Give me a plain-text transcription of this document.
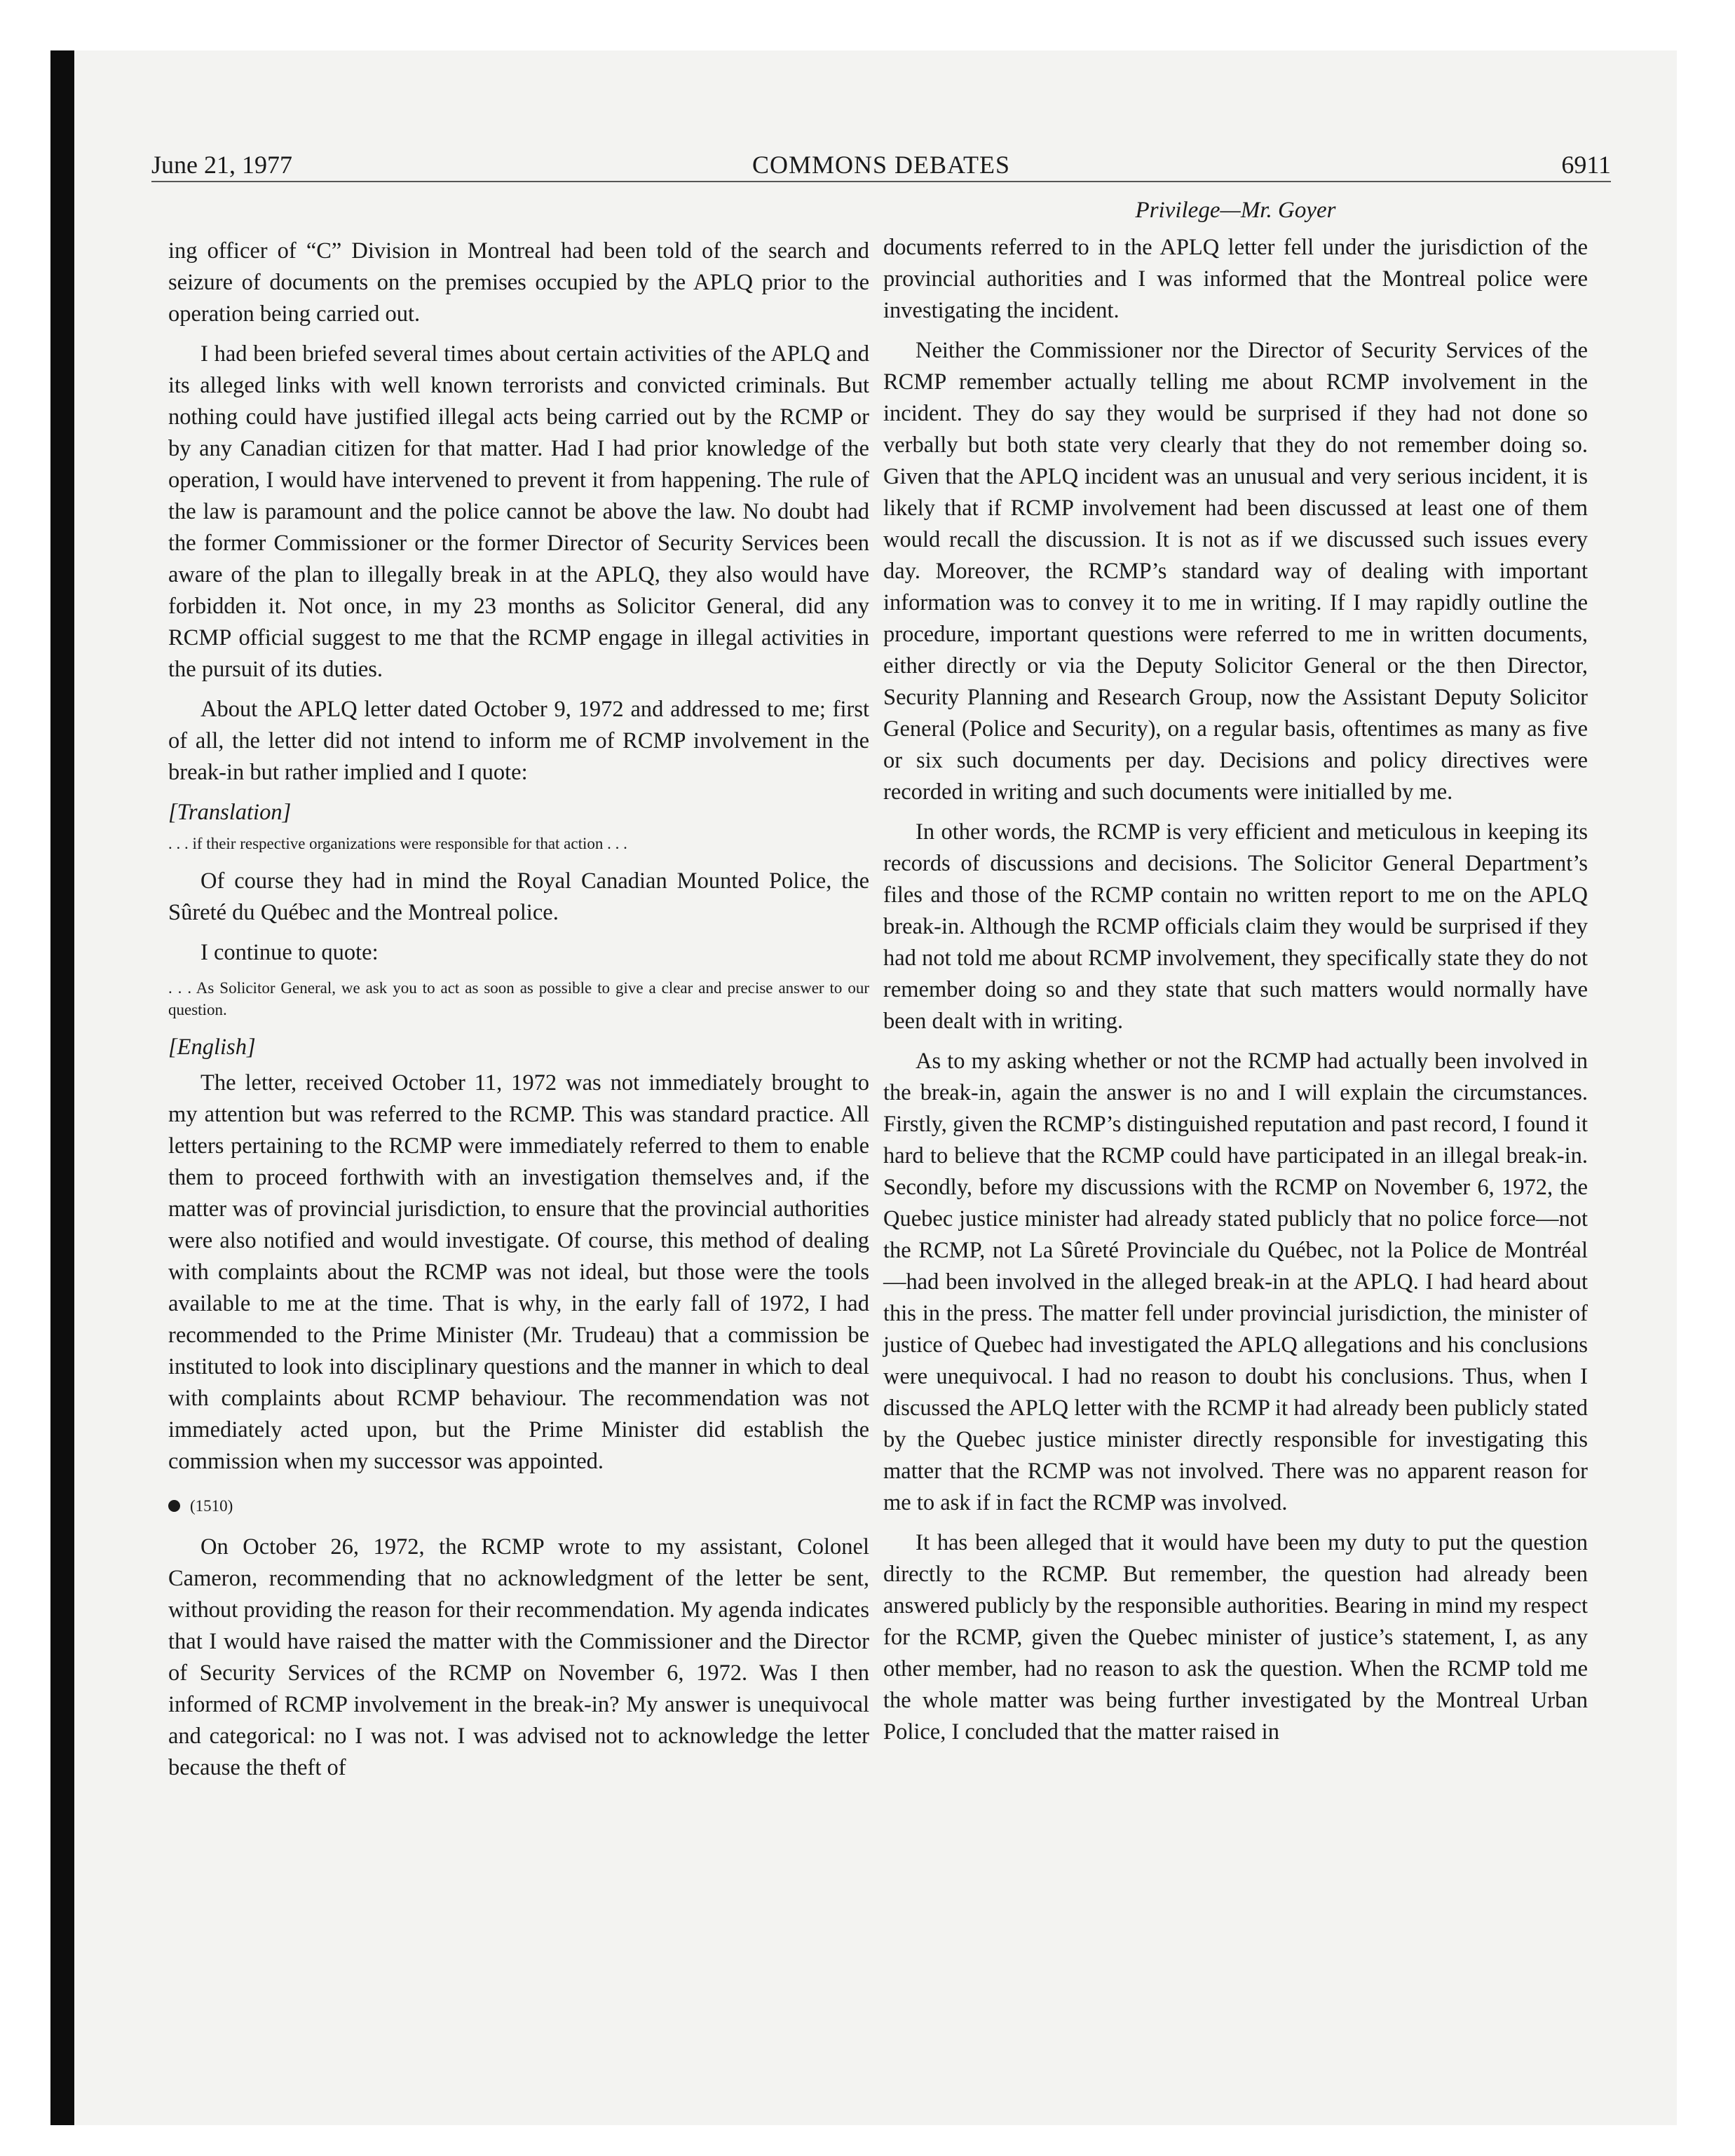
June 21, 1977	COMMONS DEBATES	6911

ing officer of “C” Division in Montreal had been told of the search and seizure of documents on the premises occupied by the APLQ prior to the operation being carried out.

I had been briefed several times about certain activities of the APLQ and its alleged links with well known terrorists and convicted criminals. But nothing could have justified illegal acts being carried out by the RCMP or by any Canadian citizen for that matter. Had I had prior knowledge of the operation, I would have intervened to prevent it from happening. The rule of the law is paramount and the police cannot be above the law. No doubt had the former Commissioner or the former Director of Security Services been aware of the plan to illegally break in at the APLQ, they also would have forbidden it. Not once, in my 23 months as Solicitor General, did any RCMP official suggest to me that the RCMP engage in illegal activities in the pursuit of its duties.

About the APLQ letter dated October 9, 1972 and addressed to me; first of all, the letter did not intend to inform me of RCMP involvement in the break-in but rather implied and I quote:

[Translation]

. . . if their respective organizations were responsible for that action . . .

Of course they had in mind the Royal Canadian Mounted Police, the Sûreté du Québec and the Montreal police.

I continue to quote:

. . . As Solicitor General, we ask you to act as soon as possible to give a clear and precise answer to our question.

[English]

The letter, received October 11, 1972 was not immediately brought to my attention but was referred to the RCMP. This was standard practice. All letters pertaining to the RCMP were immediately referred to them to enable them to proceed forthwith with an investigation themselves and, if the matter was of provincial jurisdiction, to ensure that the provincial authorities were also notified and would investigate. Of course, this method of dealing with complaints about the RCMP was not ideal, but those were the tools available to me at the time. That is why, in the early fall of 1972, I had recommended to the Prime Minister (Mr. Trudeau) that a commission be instituted to look into disciplinary questions and the manner in which to deal with complaints about RCMP behaviour. The recommendation was not immediately acted upon, but the Prime Minister did establish the commission when my successor was appointed.

(1510)

On October 26, 1972, the RCMP wrote to my assistant, Colonel Cameron, recommending that no acknowledgment of the letter be sent, without providing the reason for their recommendation. My agenda indicates that I would have raised the matter with the Commissioner and the Director of Security Services of the RCMP on November 6, 1972. Was I then informed of RCMP involvement in the break-in? My answer is unequivocal and categorical: no I was not. I was advised not to acknowledge the letter because the theft of

Privilege—Mr. Goyer

documents referred to in the APLQ letter fell under the jurisdiction of the provincial authorities and I was informed that the Montreal police were investigating the incident.

Neither the Commissioner nor the Director of Security Services of the RCMP remember actually telling me about RCMP involvement in the incident. They do say they would be surprised if they had not done so verbally but both state very clearly that they do not remember doing so. Given that the APLQ incident was an unusual and very serious incident, it is likely that if RCMP involvement had been discussed at least one of them would recall the discussion. It is not as if we discussed such issues every day. Moreover, the RCMP’s standard way of dealing with important information was to convey it to me in writing. If I may rapidly outline the procedure, important questions were referred to me in written documents, either directly or via the Deputy Solicitor General or the then Director, Security Planning and Research Group, now the Assistant Deputy Solicitor General (Police and Security), on a regular basis, oftentimes as many as five or six such documents per day. Decisions and policy directives were recorded in writing and such documents were initialled by me.

In other words, the RCMP is very efficient and meticulous in keeping its records of discussions and decisions. The Solicitor General Department’s files and those of the RCMP contain no written report to me on the APLQ break-in. Although the RCMP officials claim they would be surprised if they had not told me about RCMP involvement, they specifically state they do not remember doing so and they state that such matters would normally have been dealt with in writing.

As to my asking whether or not the RCMP had actually been involved in the break-in, again the answer is no and I will explain the circumstances. Firstly, given the RCMP’s distinguished reputation and past record, I found it hard to believe that the RCMP could have participated in an illegal break-in. Secondly, before my discussions with the RCMP on November 6, 1972, the Quebec justice minister had already stated publicly that no police force—not the RCMP, not La Sûreté Provinciale du Québec, not la Police de Montréal—had been involved in the alleged break-in at the APLQ. I had heard about this in the press. The matter fell under provincial jurisdiction, the minister of justice of Quebec had investigated the APLQ allegations and his conclusions were unequivocal. I had no reason to doubt his conclusions. Thus, when I discussed the APLQ letter with the RCMP it had already been publicly stated by the Quebec justice minister directly responsible for investigating this matter that the RCMP was not involved. There was no apparent reason for me to ask if in fact the RCMP was involved.

It has been alleged that it would have been my duty to put the question directly to the RCMP. But remember, the question had already been answered publicly by the responsible authorities. Bearing in mind my respect for the RCMP, given the Quebec minister of justice’s statement, I, as any other member, had no reason to ask the question. When the RCMP told me the whole matter was being further investigated by the Montreal Urban Police, I concluded that the matter raised in
